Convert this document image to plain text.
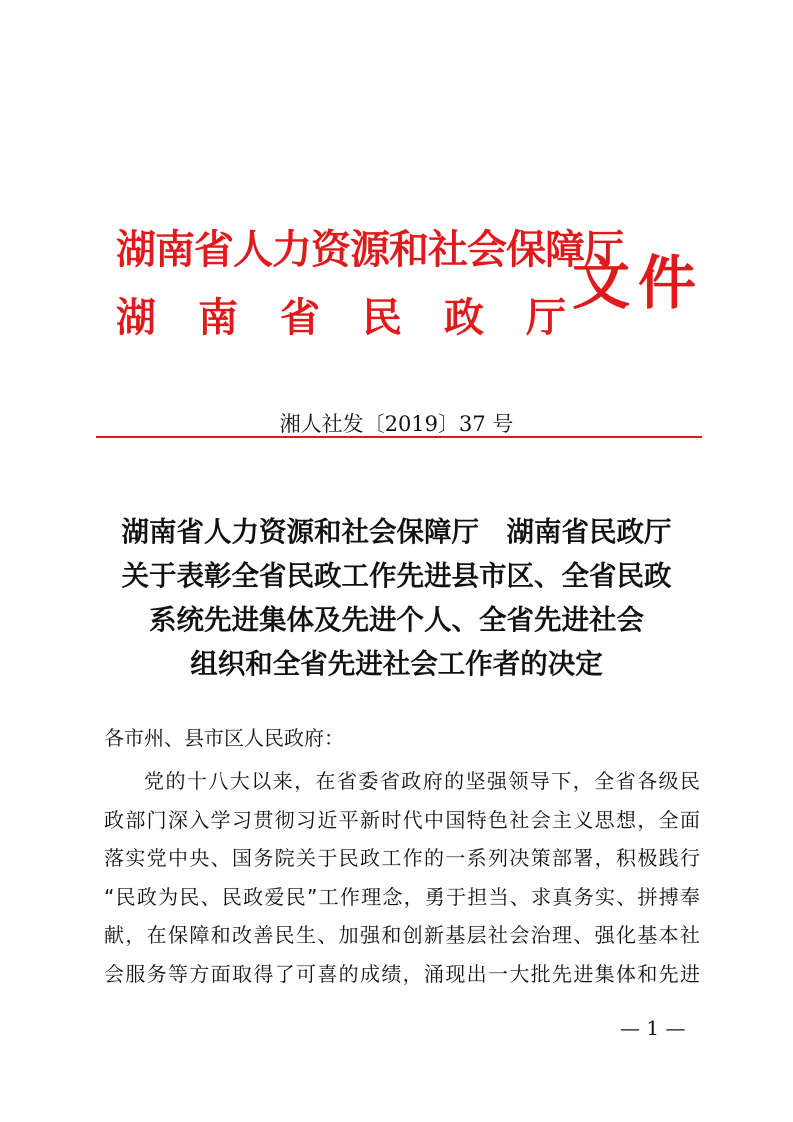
湖南省人力资源和社会保障厅
湖南省民政厅
文件
湘人社发〔2019〕37 号
湖南省人力资源和社会保障厅　湖南省民政厅
关于表彰全省民政工作先进县市区、全省民政
系统先进集体及先进个人、全省先进社会
组织和全省先进社会工作者的决定
各市州、县市区人民政府：
党的十八大以来，在省委省政府的坚强领导下，全省各级民
政部门深入学习贯彻习近平新时代中国特色社会主义思想，全面
落实党中央、国务院关于民政工作的一系列决策部署，积极践行
“民政为民、民政爱民”工作理念，勇于担当、求真务实、拼搏奉
献，在保障和改善民生、加强和创新基层社会治理、强化基本社
会服务等方面取得了可喜的成绩，涌现出一大批先进集体和先进
— 1 —
